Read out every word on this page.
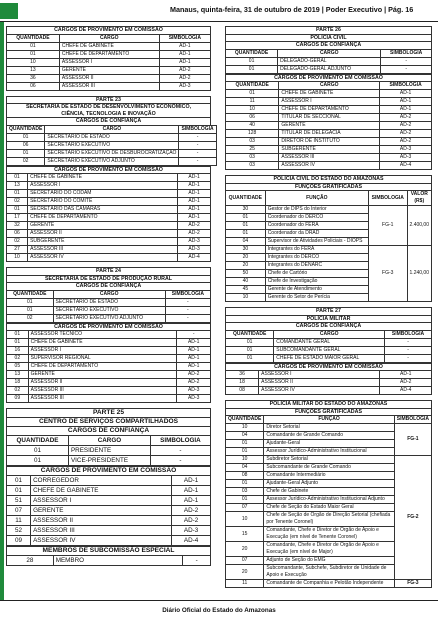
Manaus, quinta-feira, 31 de outubro de 2019 | Poder Executivo | Pág. 16
CARGOS DE PROVIMENTO EM COMISSÃO
QUANTIDADE	CARGO	SIMBOLOGIA
01	CHEFE DE GABINETE	AD-1
01	CHEFE DE DEPARTAMENTO	AD-1
10	ASSESSOR I	AD-1
13	GERENTE	AD-2
36	ASSESSOR II	AD-2
06	ASSESSOR III	AD-3
PARTE 23
SECRETARIA DE ESTADO DE DESENVOLVIMENTO ECONÔMICO, CIÊNCIA, TECNOLOGIA E INOVAÇÃO
CARGOS DE CONFIANÇA
QUANTIDADE	CARGO	SIMBOLOGIA
01	SECRETÁRIO DE ESTADO	-
06	SECRETÁRIO EXECUTIVO	-
01	SECRETÁRIO EXECUTIVO DE DESBUROCRATIZAÇÃO	-
02	SECRETÁRIO EXECUTIVO ADJUNTO	-
CARGOS DE PROVIMENTO EM COMISSÃO
01	CHEFE DE GABINETE	AD-1
13	ASSESSOR I	AD-1
01	SECRETÁRIO DO CODAM	AD-1
02	SECRETÁRIO DO COMITÊ	AD-1
01	SECRETÁRIO DAS CÂMARAS	AD-1
17	CHEFE DE DEPARTAMENTO	AD-1
32	GERENTE	AD-2
06	ASSESSOR II	AD-2
02	SUBGERENTE	AD-3
27	ASSESSOR III	AD-3
10	ASSESSOR IV	AD-4
PARTE 24
SECRETARIA DE ESTADO DE PRODUÇÃO RURAL
CARGOS DE CONFIANÇA
QUANTIDADE	CARGO	SIMBOLOGIA
01	SECRETÁRIO DE ESTADO	-
01	SECRETÁRIO EXECUTIVO	-
02	SECRETÁRIO EXECUTIVO ADJUNTO	-
CARGOS DE PROVIMENTO EM COMISSÃO
01	ASSESSOR TÉCNICO	-
01	CHEFE DE GABINETE	AD-1
16	ASSESSOR I	AD-1
02	SUPERVISOR REGIONAL	AD-1
05	CHEFE DE DEPARTAMENTO	AD-1
13	GERENTE	AD-2
18	ASSESSOR II	AD-2
02	ASSESSOR III	AD-3
09	ASSESSOR III	AD-3
PARTE 25
CENTRO DE SERVIÇOS COMPARTILHADOS
CARGOS DE CONFIANÇA
QUANTIDADE	CARGO	SIMBOLOGIA
01	PRESIDENTE	-
01	VICE-PRESIDENTE	-
CARGOS DE PROVIMENTO EM COMISSÃO
01	CORREGEDOR	AD-1
01	CHEFE DE GABINETE	AD-1
51	ASSESSOR I	AD-1
07	GERENTE	AD-2
11	ASSESSOR II	AD-2
52	ASSESSOR III	AD-3
09	ASSESSOR IV	AD-4
MEMBROS DE SUBCOMISSÃO ESPECIAL
28	MEMBRO	-
PARTE 26
POLÍCIA CIVIL
CARGOS DE CONFIANÇA
QUANTIDADE	CARGO	SIMBOLOGIA
01	DELEGADO-GERAL	-
01	DELEGADO-GERAL ADJUNTO	-
CARGOS DE PROVIMENTO EM COMISSÃO
QUANTIDADE	CARGO	SIMBOLOGIA
01	CHEFE DE GABINETE	AD-1
11	ASSESSOR I	AD-1
10	CHEFE DE DEPARTAMENTO	AD-1
06	TITULAR DE SECCIONAL	AD-2
40	GERENTE	AD-2
128	TITULAR DE DELEGACIA	AD-2
03	DIRETOR DE INSTITUTO	AD-2
25	SUBGERENTE	AD-3
03	ASSESSOR III	AD-3
03	ASSESSOR IV	AD-4
POLÍCIA CIVIL DO ESTADO DO AMAZONAS
FUNÇÕES GRATIFICADAS
QUANTIDADE	FUNÇÃO	SIMBOLOGIA	VALOR (R$)
30	Gestor de DIPS do Interior	FG-1	2.400,00
01	Coordenador do DERCO		
01	Coordenador do FERA		
01	Coordenador da DRAD		
04	Supervisor de Atividades Policiais - DIOPS		
30	Integrantes do FERA	FG-3	1.240,00
20	Integrantes do DERCO		
20	Integrantes do DENARC		
50	Chefe de Cartório		
40	Chefe de Investigação		
45	Gerente de Atendimento		
10	Gerente do Setor de Perícia		
PARTE 27
POLÍCIA MILITAR
CARGOS DE CONFIANÇA
QUANTIDADE	CARGO	SIMBOLOGIA
01	COMANDANTE GERAL	-
01	SUBCOMANDANTE GERAL	-
01	CHEFE DE ESTADO MAIOR GERAL	-
CARGOS DE PROVIMENTO EM COMISSÃO
36	ASSESSOR I	AD-1
18	ASSESSOR II	AD-2
08	ASSESSOR IV	AD-4
POLÍCIA MILITAR DO ESTADO DO AMAZONAS
FUNÇÕES GRATIFICADAS
QUANTIDADE	FUNÇÃO	SIMBOLOGIA
10	Diretor Setorial	FG-1
04	Comandante de Grande Comando	
01	Ajudante-Geral	
01	Assessor Jurídico-Administrativo Institucional	
10	Subdiretor Setorial	FG-2
04	Subcomandante de Grande Comando	
08	Comandante Intermediário	
01	Ajudante-Geral Adjunto	
03	Chefe de Gabinete	
01	Assessor Jurídico-Administrativo Institucional Adjunto	
07	Chefe de Seção do Estado Maior Geral	
10	Chefe de Seção de Órgão de Direção Setorial (chefiada por Tenente Coronel)	
15	Comandante, Chefe e Diretor de Órgão de Apoio e Execução (em nível de Tenente Coronel)	
20	Comandante, Chefe e Diretor de Órgão de Apoio e Execução (em nível de Major)	
07	Adjunto de Seção do EMG	
20	Subcomandante, Subchefe, Subdiretor de Unidade de Apoio e Execução	
11	Comandante de Companhia e Pelotão Independente	FG-3
Diário Oficial do Estado do Amazonas
